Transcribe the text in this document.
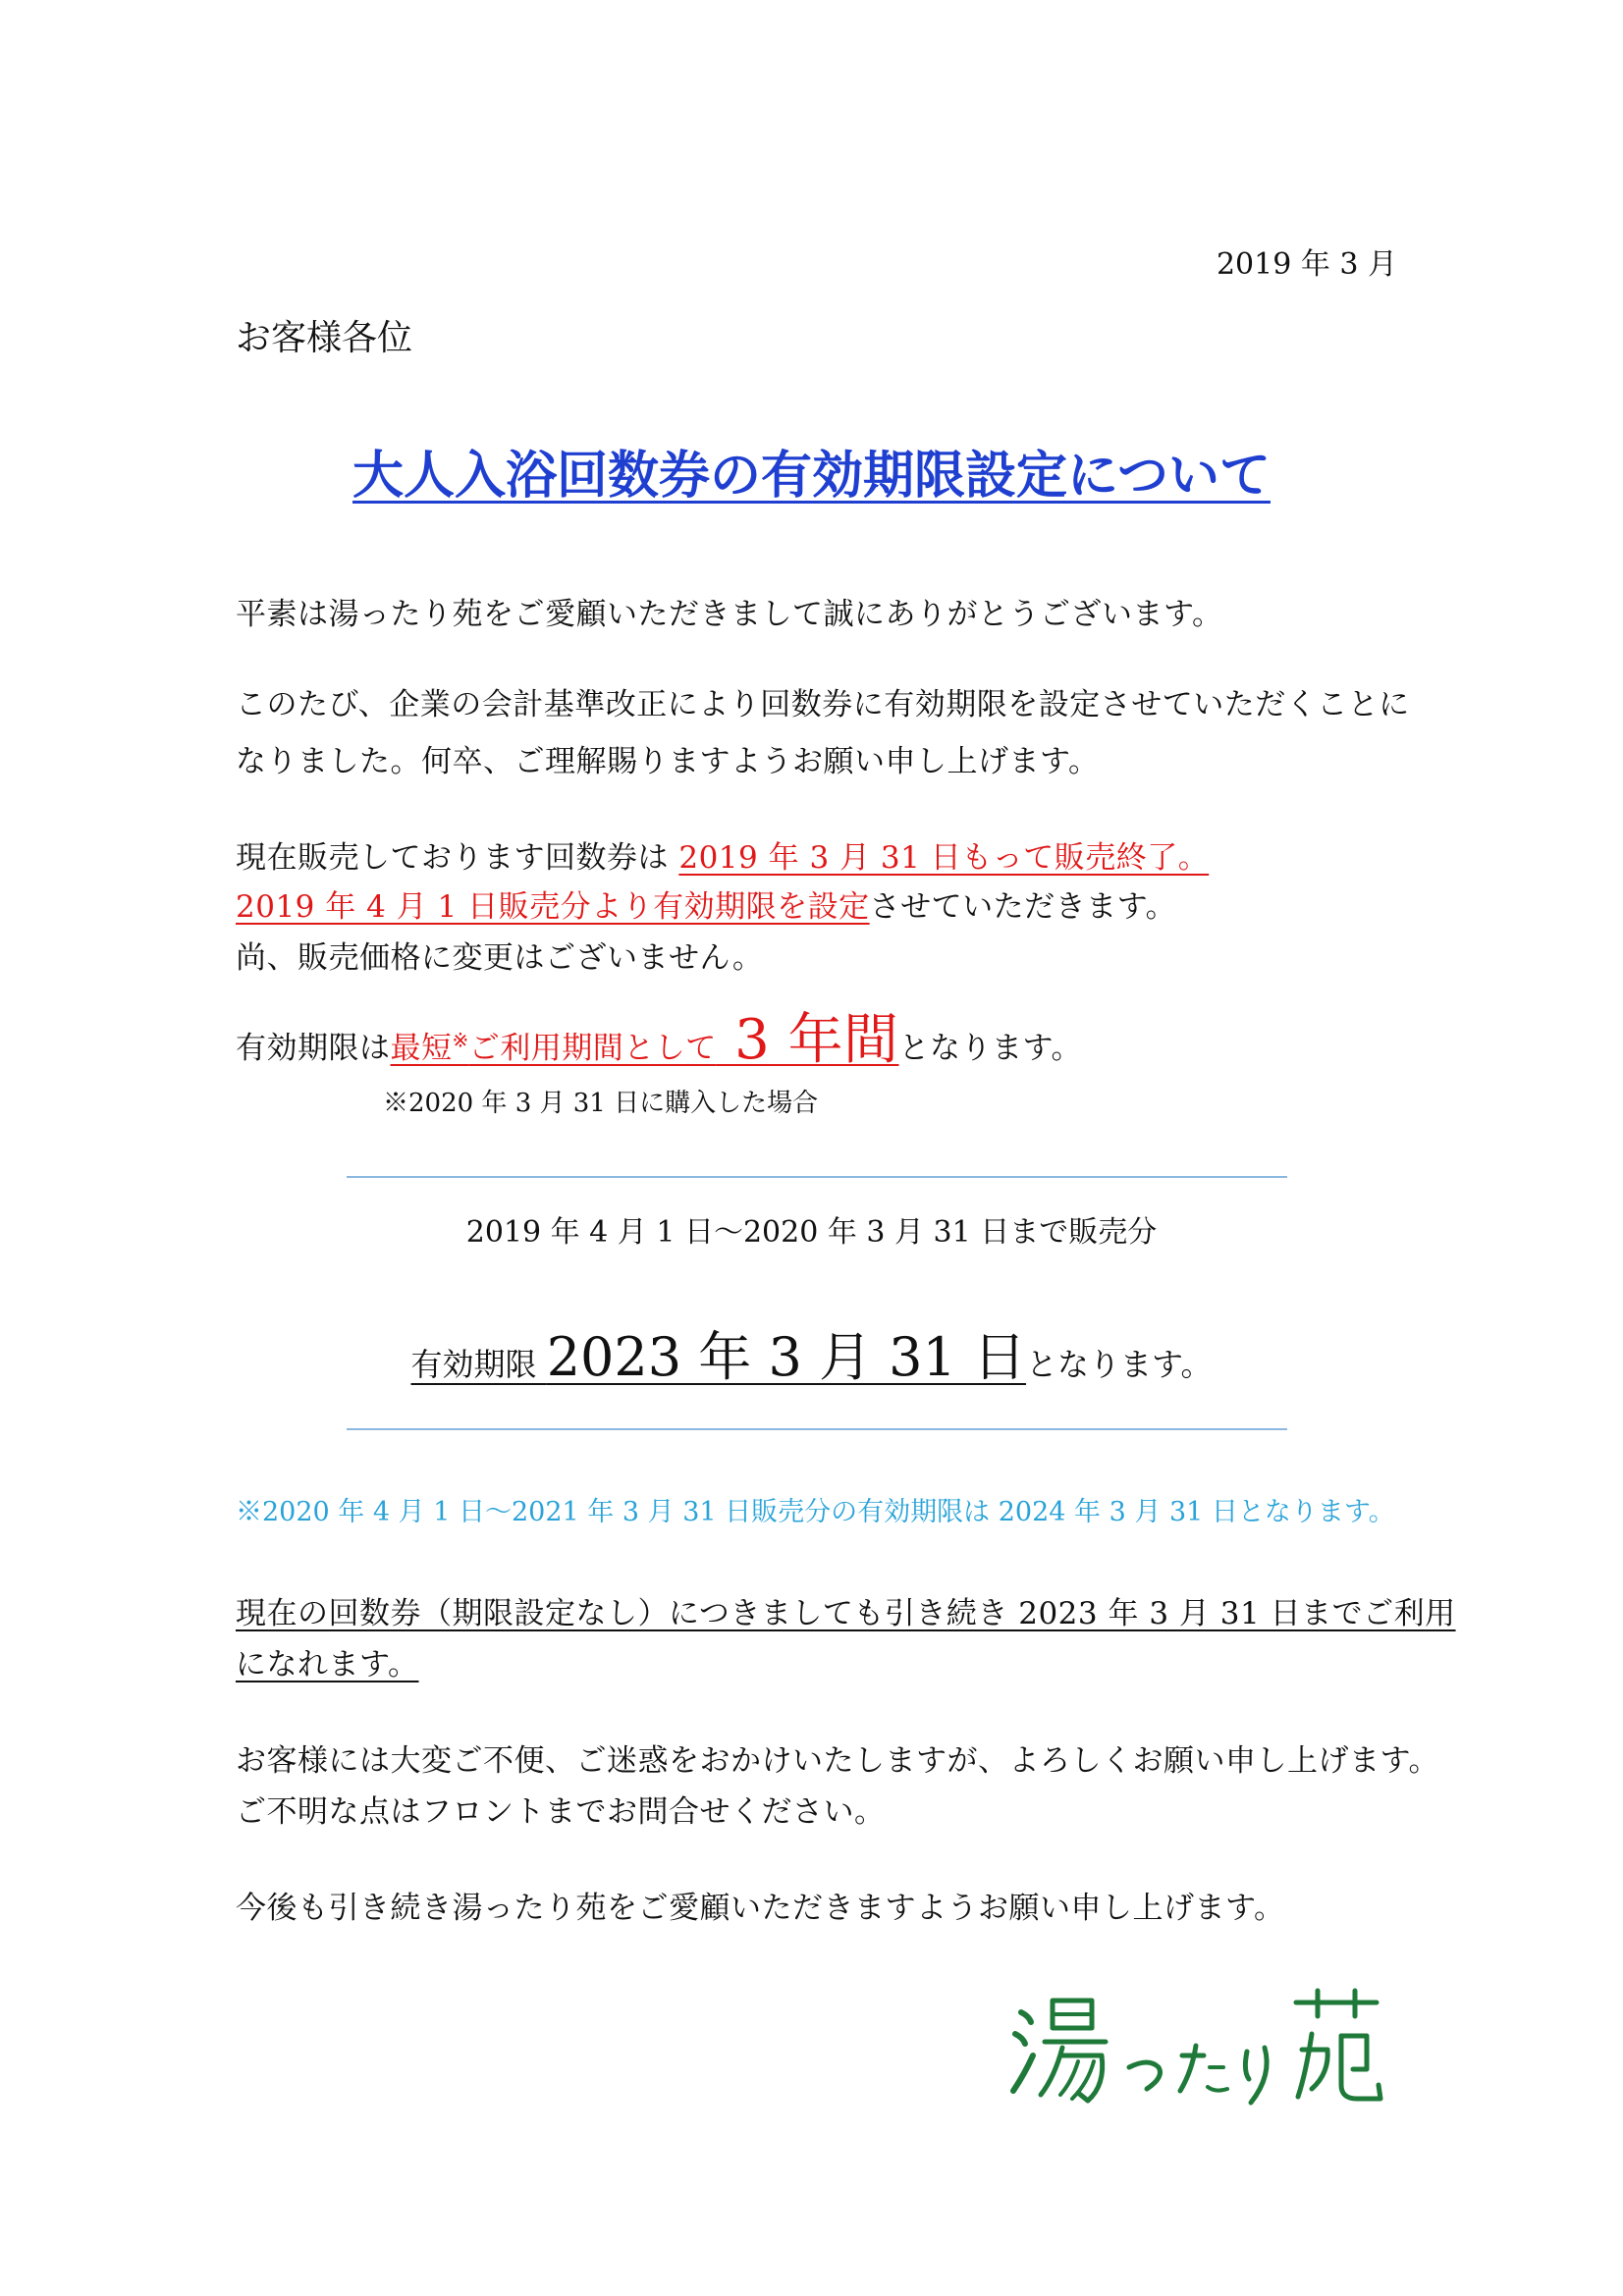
2019 年 3 月
お客様各位
大人入浴回数券の有効期限設定について
平素は湯ったり苑をご愛顧いただきまして誠にありがとうございます。
このたび、企業の会計基準改正により回数券に有効期限を設定させていただくことに
なりました。何卒、ご理解賜りますようお願い申し上げます。
現在販売しております回数券は 2019 年 3 月 31 日もって販売終了。
2019 年 4 月 1 日販売分より有効期限を設定させていただきます。
尚、販売価格に変更はございません。
有効期限は最短※ご利用期間として 3 年間となります。
※2020 年 3 月 31 日に購入した場合
2019 年 4 月 1 日～2020 年 3 月 31 日まで販売分
有効期限 2023 年 3 月 31 日となります。
※2020 年 4 月 1 日～2021 年 3 月 31 日販売分の有効期限は 2024 年 3 月 31 日となります。
現在の回数券（期限設定なし）につきましても引き続き 2023 年 3 月 31 日までご利用
になれます。
お客様には大変ご不便、ご迷惑をおかけいたしますが、よろしくお願い申し上げます。
ご不明な点はフロントまでお問合せください。
今後も引き続き湯ったり苑をご愛顧いただきますようお願い申し上げます。
